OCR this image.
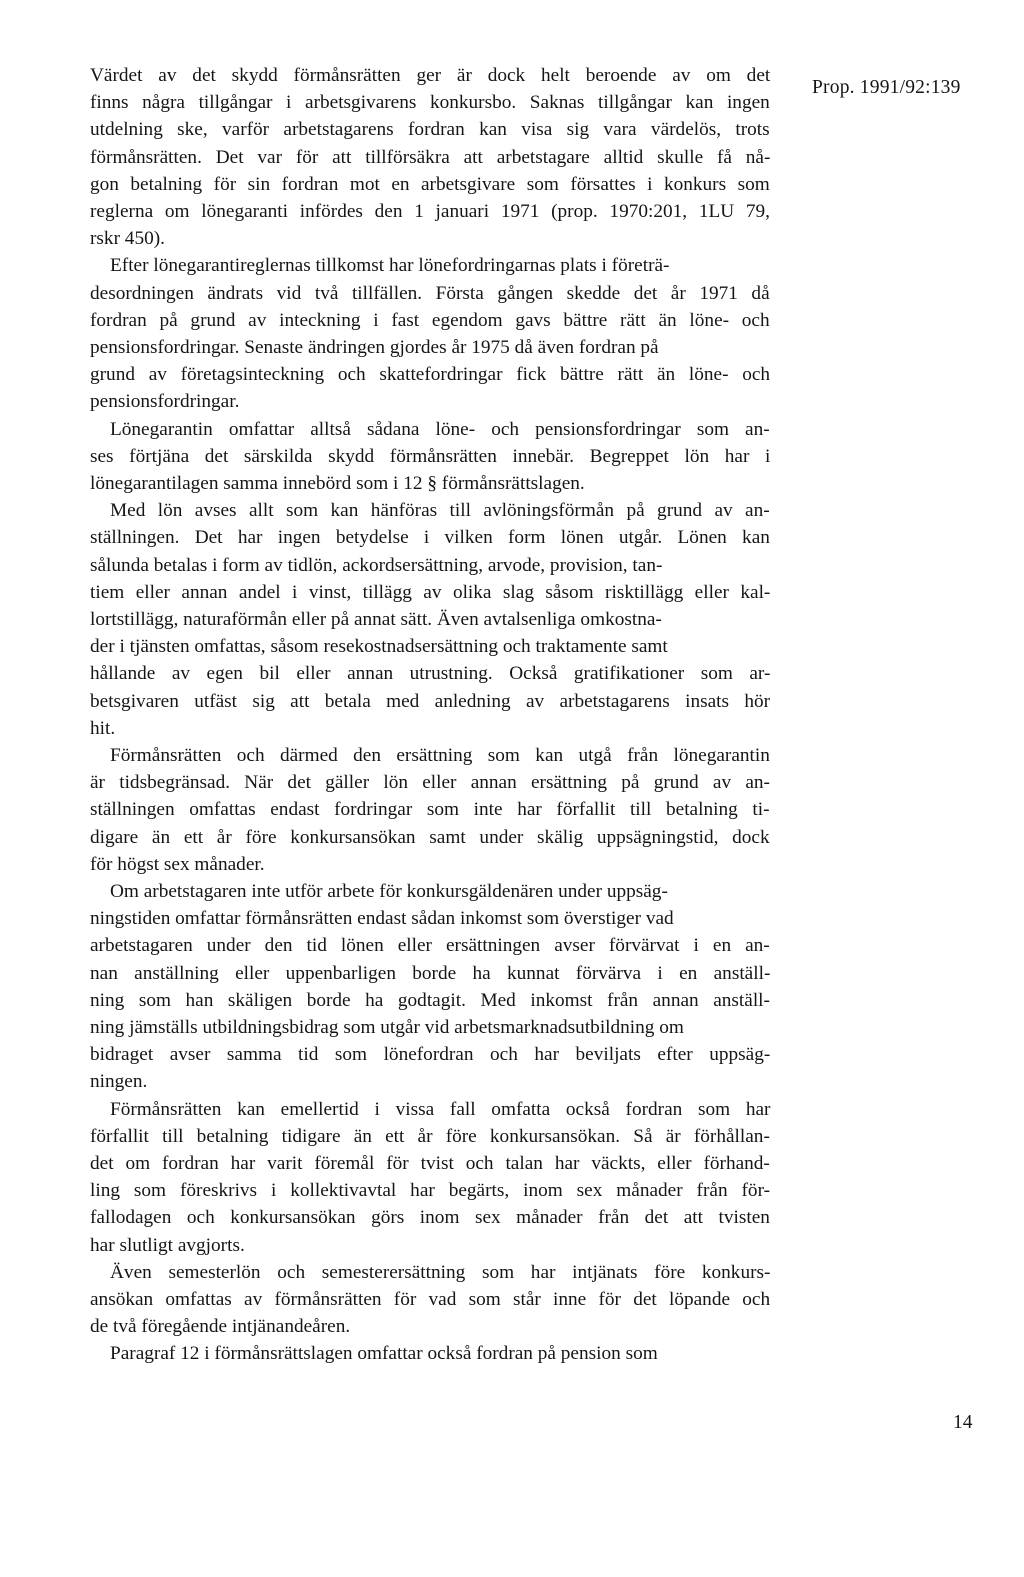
Prop. 1991/92:139
Värdet av det skydd förmånsrätten ger är dock helt beroende av om det
finns några tillgångar i arbetsgivarens konkursbo. Saknas tillgångar kan ingen
utdelning ske, varför arbetstagarens fordran kan visa sig vara värdelös, trots
förmånsrätten. Det var för att tillförsäkra att arbetstagare alltid skulle få nå-
gon betalning för sin fordran mot en arbetsgivare som försattes i konkurs som
reglerna om lönegaranti infördes den 1 januari 1971 (prop. 1970:201, 1LU 79,
rskr 450).
Efter lönegarantireglernas tillkomst har lönefordringarnas plats i företrä-
desordningen ändrats vid två tillfällen. Första gången skedde det år 1971 då
fordran på grund av inteckning i fast egendom gavs bättre rätt än löne- och
pensionsfordringar. Senaste ändringen gjordes år 1975 då även fordran på
grund av företagsinteckning och skattefordringar fick bättre rätt än löne- och
pensionsfordringar.
Lönegarantin omfattar alltså sådana löne- och pensionsfordringar som an-
ses förtjäna det särskilda skydd förmånsrätten innebär. Begreppet lön har i
lönegarantilagen samma innebörd som i 12 § förmånsrättslagen.
Med lön avses allt som kan hänföras till avlöningsförmån på grund av an-
ställningen. Det har ingen betydelse i vilken form lönen utgår. Lönen kan
sålunda betalas i form av tidlön, ackordsersättning, arvode, provision, tan-
tiem eller annan andel i vinst, tillägg av olika slag såsom risktillägg eller kal-
lortstillägg, naturaförmån eller på annat sätt. Även avtalsenliga omkostna-
der i tjänsten omfattas, såsom resekostnadsersättning och traktamente samt
hållande av egen bil eller annan utrustning. Också gratifikationer som ar-
betsgivaren utfäst sig att betala med anledning av arbetstagarens insats hör
hit.
Förmånsrätten och därmed den ersättning som kan utgå från lönegarantin
är tidsbegränsad. När det gäller lön eller annan ersättning på grund av an-
ställningen omfattas endast fordringar som inte har förfallit till betalning ti-
digare än ett år före konkursansökan samt under skälig uppsägningstid, dock
för högst sex månader.
Om arbetstagaren inte utför arbete för konkursgäldenären under uppsäg-
ningstiden omfattar förmånsrätten endast sådan inkomst som överstiger vad
arbetstagaren under den tid lönen eller ersättningen avser förvärvat i en an-
nan anställning eller uppenbarligen borde ha kunnat förvärva i en anställ-
ning som han skäligen borde ha godtagit. Med inkomst från annan anställ-
ning jämställs utbildningsbidrag som utgår vid arbetsmarknadsutbildning om
bidraget avser samma tid som lönefordran och har beviljats efter uppsäg-
ningen.
Förmånsrätten kan emellertid i vissa fall omfatta också fordran som har
förfallit till betalning tidigare än ett år före konkursansökan. Så är förhållan-
det om fordran har varit föremål för tvist och talan har väckts, eller förhand-
ling som föreskrivs i kollektivavtal har begärts, inom sex månader från för-
fallodagen och konkursansökan görs inom sex månader från det att tvisten
har slutligt avgjorts.
Även semesterlön och semesterersättning som har intjänats före konkurs-
ansökan omfattas av förmånsrätten för vad som står inne för det löpande och
de två föregående intjänandeåren.
Paragraf 12 i förmånsrättslagen omfattar också fordran på pension som
14
